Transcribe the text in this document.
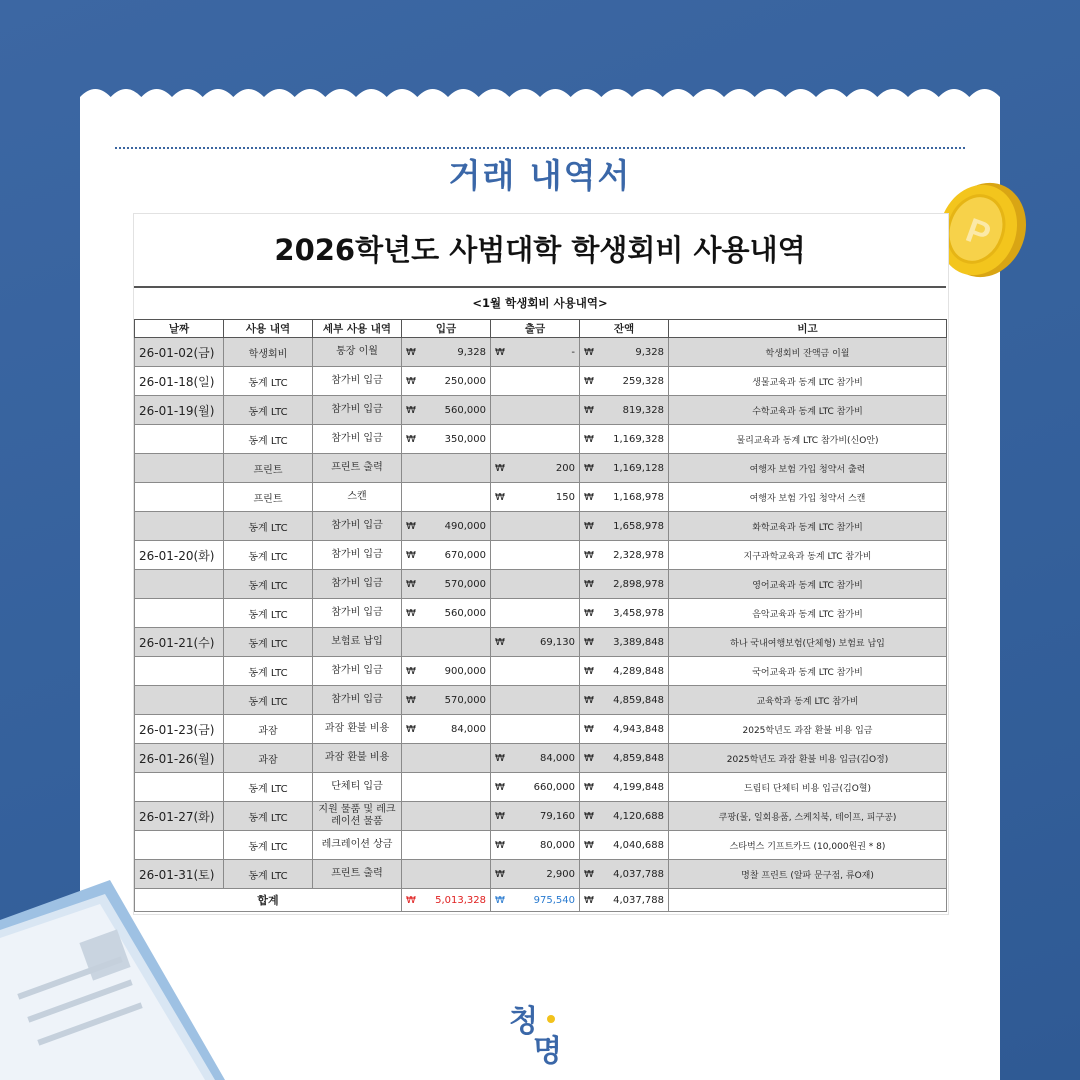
거래 내역서
P
2026학년도 사범대학 학생회비 사용내역
<1월 학생회비 사용내역>
날짜	사용 내역	세부 사용 내역	입금	출금	잔액	비고
26-01-02(금)	학생회비	통장 이월	₩ 9,328	₩ -	₩ 9,328	학생회비 잔액금 이월
26-01-18(일)	동계 LTC	참가비 입금	₩ 250,000		₩ 259,328	생물교육과 동계 LTC 참가비
26-01-19(월)	동계 LTC	참가비 입금	₩ 560,000		₩ 819,328	수학교육과 동계 LTC 참가비
	동계 LTC	참가비 입금	₩ 350,000		₩ 1,169,328	물리교육과 동계 LTC 참가비(신O안)
	프린트	프린트 출력		₩ 200	₩ 1,169,128	여행자 보험 가입 청약서 출력
	프린트	스캔		₩ 150	₩ 1,168,978	여행자 보험 가입 청약서 스캔
	동계 LTC	참가비 입금	₩ 490,000		₩ 1,658,978	화학교육과 동계 LTC 참가비
26-01-20(화)	동계 LTC	참가비 입금	₩ 670,000		₩ 2,328,978	지구과학교육과 동계 LTC 참가비
	동계 LTC	참가비 입금	₩ 570,000		₩ 2,898,978	영어교육과 동계 LTC 참가비
	동계 LTC	참가비 입금	₩ 560,000		₩ 3,458,978	음악교육과 동계 LTC 참가비
26-01-21(수)	동계 LTC	보험료 납입		₩ 69,130	₩ 3,389,848	하나 국내여행보험(단체형) 보험료 납입
	동계 LTC	참가비 입금	₩ 900,000		₩ 4,289,848	국어교육과 동계 LTC 참가비
	동계 LTC	참가비 입금	₩ 570,000		₩ 4,859,848	교육학과 동계 LTC 참가비
26-01-23(금)	과잠	과잠 환불 비용	₩ 84,000		₩ 4,943,848	2025학년도 과잠 환불 비용 입금
26-01-26(월)	과잠	과잠 환불 비용		₩ 84,000	₩ 4,859,848	2025학년도 과잠 환불 비용 입금(김O정)
	동계 LTC	단체티 입금		₩ 660,000	₩ 4,199,848	드림티 단체티 비용 입금(김O혈)
26-01-27(화)	동계 LTC	지원 물품 및 레크레이션 물품		₩ 79,160	₩ 4,120,688	쿠팡(물, 일회용품, 스케치북, 테이프, 피구공)
	동계 LTC	레크레이션 상금		₩ 80,000	₩ 4,040,688	스타벅스 기프트카드 (10,000원권 * 8)
26-01-31(토)	동계 LTC	프린트 출력		₩ 2,900	₩ 4,037,788	명찰 프린트 (알파 문구점, 류O재)
합계			₩ 5,013,328	₩ 975,540	₩ 4,037,788	

청
명
